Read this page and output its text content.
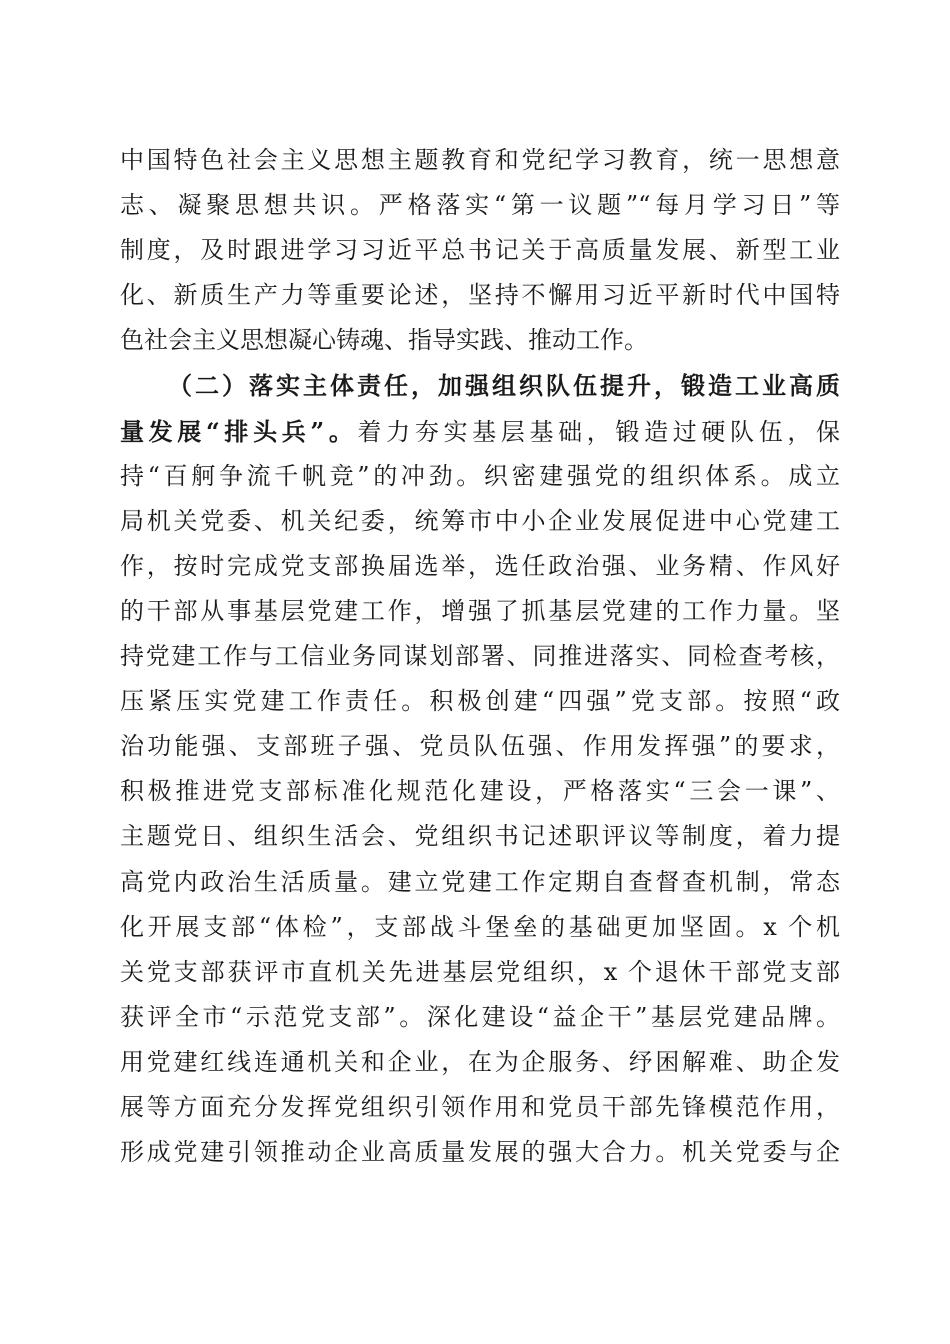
中国特色社会主义思想主题教育和党纪学习教育，统一思想意
志、凝聚思想共识。严格落实“第一议题”“每月学习日”等
制度，及时跟进学习习近平总书记关于高质量发展、新型工业
化、新质生产力等重要论述，坚持不懈用习近平新时代中国特
色社会主义思想凝心铸魂、指导实践、推动工作。
（二）落实主体责任，加强组织队伍提升，锻造工业高质
量发展“排头兵”。着力夯实基层基础，锻造过硬队伍，保
持“百舸争流千帆竞”的冲劲。织密建强党的组织体系。成立
局机关党委、机关纪委，统筹市中小企业发展促进中心党建工
作，按时完成党支部换届选举，选任政治强、业务精、作风好
的干部从事基层党建工作，增强了抓基层党建的工作力量。坚
持党建工作与工信业务同谋划部署、同推进落实、同检查考核，
压紧压实党建工作责任。积极创建“四强”党支部。按照“政
治功能强、支部班子强、党员队伍强、作用发挥强”的要求，
积极推进党支部标准化规范化建设，严格落实“三会一课”、
主题党日、组织生活会、党组织书记述职评议等制度，着力提
高党内政治生活质量。建立党建工作定期自查督查机制，常态
化开展支部“体检”，支部战斗堡垒的基础更加坚固。x 个机
关党支部获评市直机关先进基层党组织，x 个退休干部党支部
获评全市“示范党支部”。深化建设“益企干”基层党建品牌。
用党建红线连通机关和企业，在为企服务、纾困解难、助企发
展等方面充分发挥党组织引领作用和党员干部先锋模范作用，
形成党建引领推动企业高质量发展的强大合力。机关党委与企
